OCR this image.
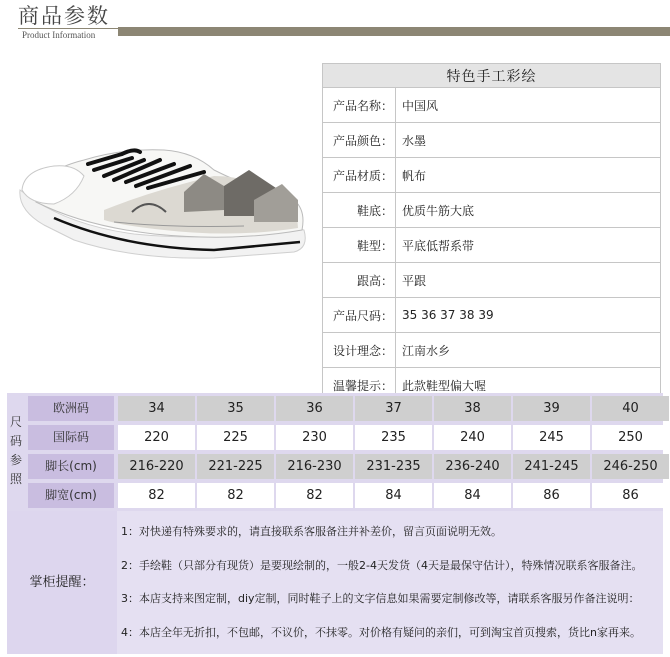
商品参数
Product Information
特色手工彩绘	
产品名称：	中国风
产品颜色：	水墨
产品材质：	帆布
鞋底：	优质牛筋大底
鞋型：	平底低帮系带
跟高：	平跟
产品尺码：	35 36 37 38 39
设计理念：	江南水乡
温馨提示：	此款鞋型偏大喔
尺
码
参
照
欧洲码	34	35	36	37	38	39	40
国际码	220	225	230	235	240	245	250
脚长(cm)	216-220	221-225	216-230	231-235	236-240	241-245	246-250
脚宽(cm)	82	82	82	84	84	86	86
掌柜提醒：
1：对快递有特殊要求的，请直接联系客服备注并补差价，留言页面说明无效。
2：手绘鞋（只部分有现货）是要现绘制的，一般2-4天发货（4天是最保守估计），特殊情况联系客服备注。
3：本店支持来图定制，diy定制，同时鞋子上的文字信息如果需要定制修改等，请联系客服另作备注说明：
4：本店全年无折扣，不包邮，不议价，不抹零。对价格有疑问的亲们，可到淘宝首页搜索，货比n家再来。
